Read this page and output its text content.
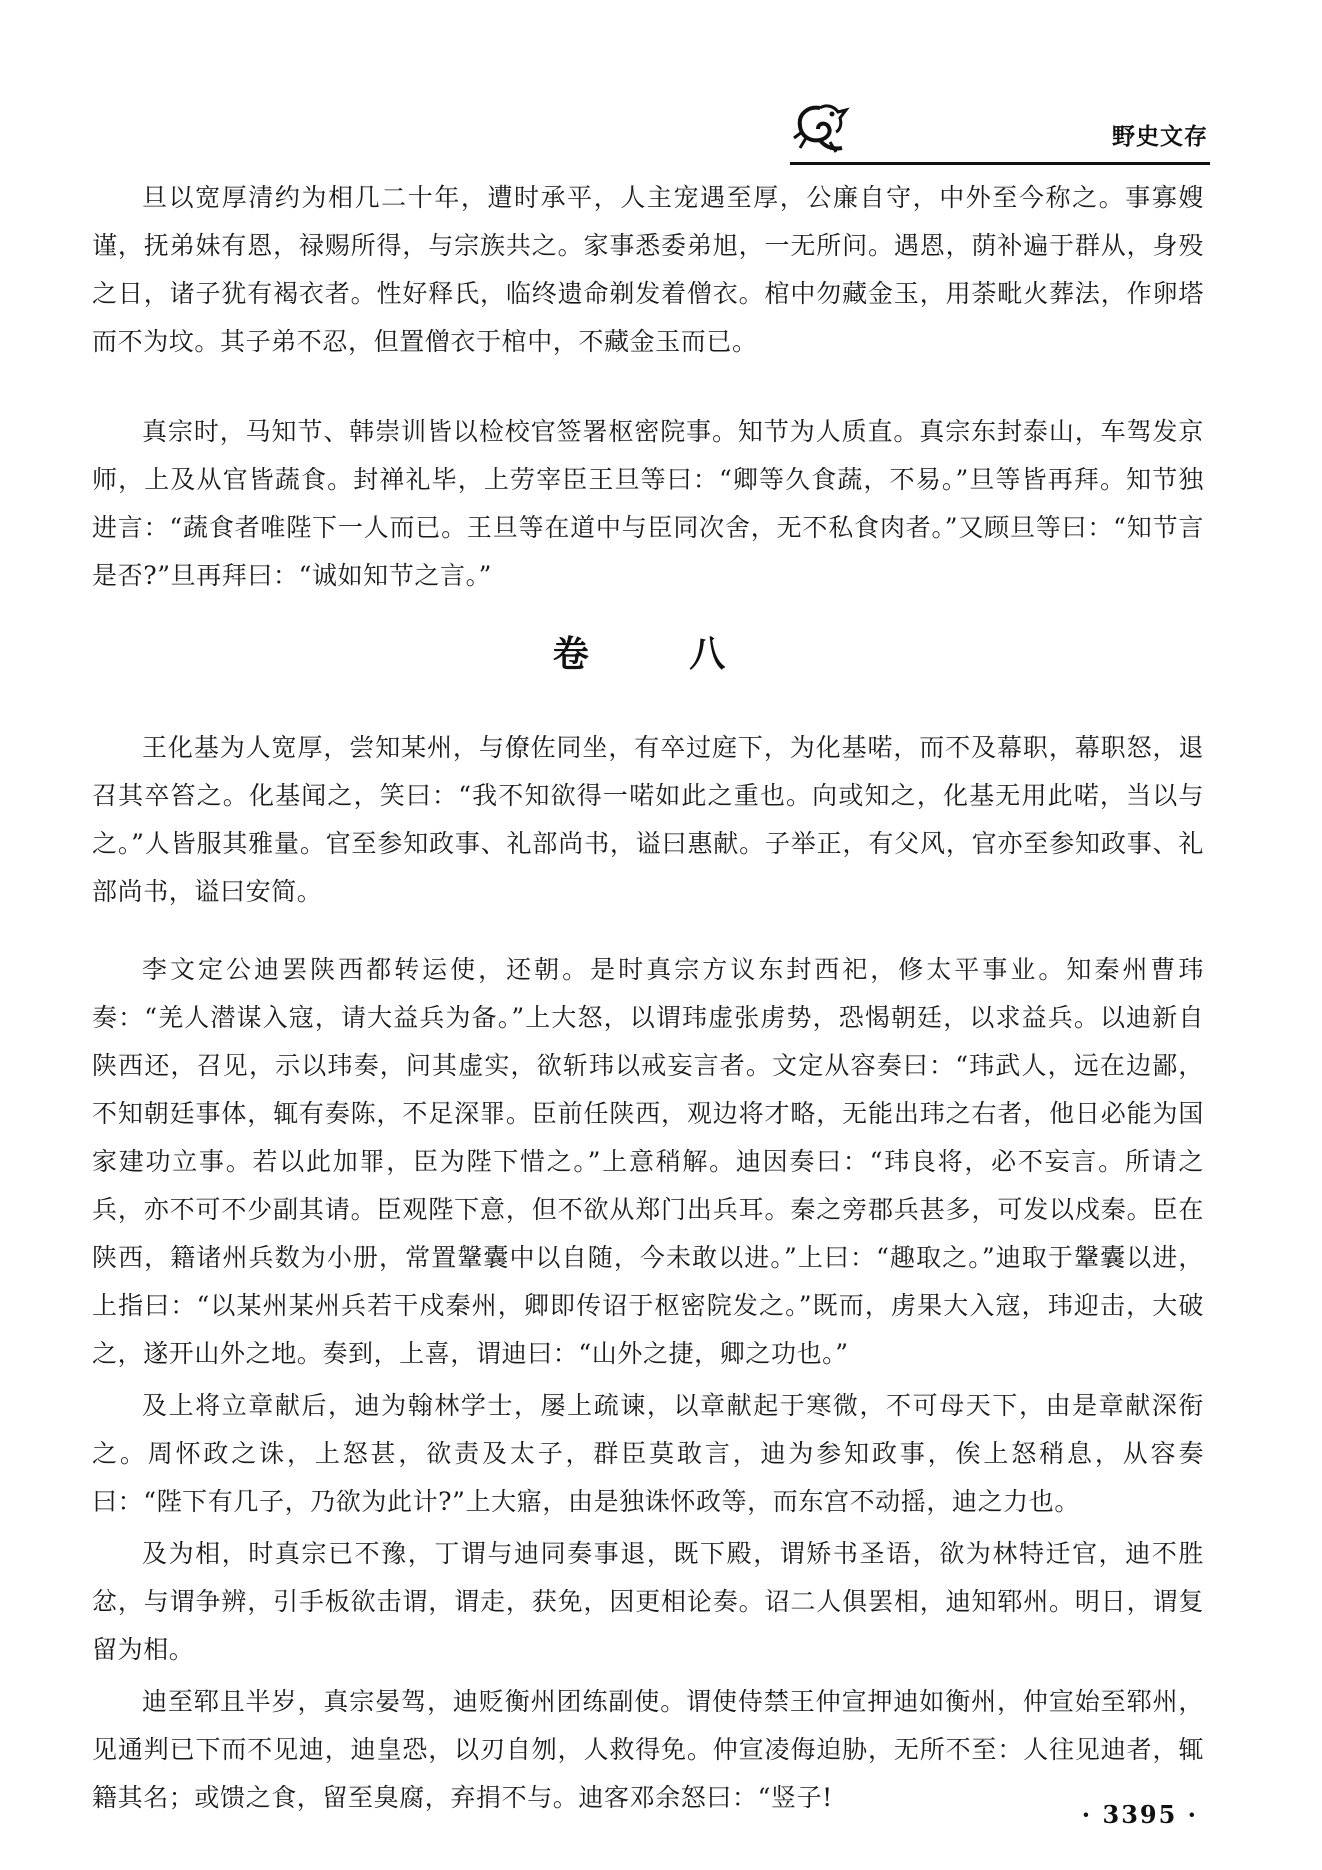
野史文存

旦以宽厚清约为相几二十年，遭时承平，人主宠遇至厚，公廉自守，中外至今称之。事寡嫂谨，抚弟妹有恩，禄赐所得，与宗族共之。家事悉委弟旭，一无所问。遇恩，荫补遍于群从，身殁之日，诸子犹有褐衣者。性好释氏，临终遗命剃发着僧衣。棺中勿藏金玉，用荼毗火葬法，作卵塔而不为坟。其子弟不忍，但置僧衣于棺中，不藏金玉而已。

真宗时，马知节、韩崇训皆以检校官签署枢密院事。知节为人质直。真宗东封泰山，车驾发京师，上及从官皆蔬食。封禅礼毕，上劳宰臣王旦等曰：“卿等久食蔬，不易。”旦等皆再拜。知节独进言：“蔬食者唯陛下一人而已。王旦等在道中与臣同次舍，无不私食肉者。”又顾旦等曰：“知节言是否?”旦再拜曰：“诚如知节之言。”

卷 八

王化基为人宽厚，尝知某州，与僚佐同坐，有卒过庭下，为化基喏，而不及幕职，幕职怒，退召其卒笞之。化基闻之，笑曰：“我不知欲得一喏如此之重也。向或知之，化基无用此喏，当以与之。”人皆服其雅量。官至参知政事、礼部尚书，谥曰惠献。子举正，有父风，官亦至参知政事、礼部尚书，谥曰安简。

李文定公迪罢陕西都转运使，还朝。是时真宗方议东封西祀，修太平事业。知秦州曹玮奏：“羌人潜谋入寇，请大益兵为备。”上大怒，以谓玮虚张虏势，恐愒朝廷，以求益兵。以迪新自陕西还，召见，示以玮奏，问其虚实，欲斩玮以戒妄言者。文定从容奏曰：“玮武人，远在边鄙，不知朝廷事体，辄有奏陈，不足深罪。臣前任陕西，观边将才略，无能出玮之右者，他日必能为国家建功立事。若以此加罪，臣为陛下惜之。”上意稍解。迪因奏曰：“玮良将，必不妄言。所请之兵，亦不可不少副其请。臣观陛下意，但不欲从郑门出兵耳。秦之旁郡兵甚多，可发以戍秦。臣在陕西，籍诸州兵数为小册，常置鞶囊中以自随，今未敢以进。”上曰：“趣取之。”迪取于鞶囊以进，上指曰：“以某州某州兵若干戍秦州，卿即传诏于枢密院发之。”既而，虏果大入寇，玮迎击，大破之，遂开山外之地。奏到，上喜，谓迪曰：“山外之捷，卿之功也。”

及上将立章献后，迪为翰林学士，屡上疏谏，以章献起于寒微，不可母天下，由是章献深衔之。周怀政之诛，上怒甚，欲责及太子，群臣莫敢言，迪为参知政事，俟上怒稍息，从容奏曰：“陛下有几子，乃欲为此计?”上大寤，由是独诛怀政等，而东宫不动摇，迪之力也。

及为相，时真宗已不豫，丁谓与迪同奏事退，既下殿，谓矫书圣语，欲为林特迁官，迪不胜忿，与谓争辨，引手板欲击谓，谓走，获免，因更相论奏。诏二人俱罢相，迪知郓州。明日，谓复留为相。

迪至郓且半岁，真宗晏驾，迪贬衡州团练副使。谓使侍禁王仲宣押迪如衡州，仲宣始至郓州，见通判已下而不见迪，迪皇恐，以刃自刎，人救得免。仲宣凌侮迫胁，无所不至：人往见迪者，辄籍其名；或馈之食，留至臭腐，弃捐不与。迪客邓余怒曰：“竖子!

· 3395 ·
